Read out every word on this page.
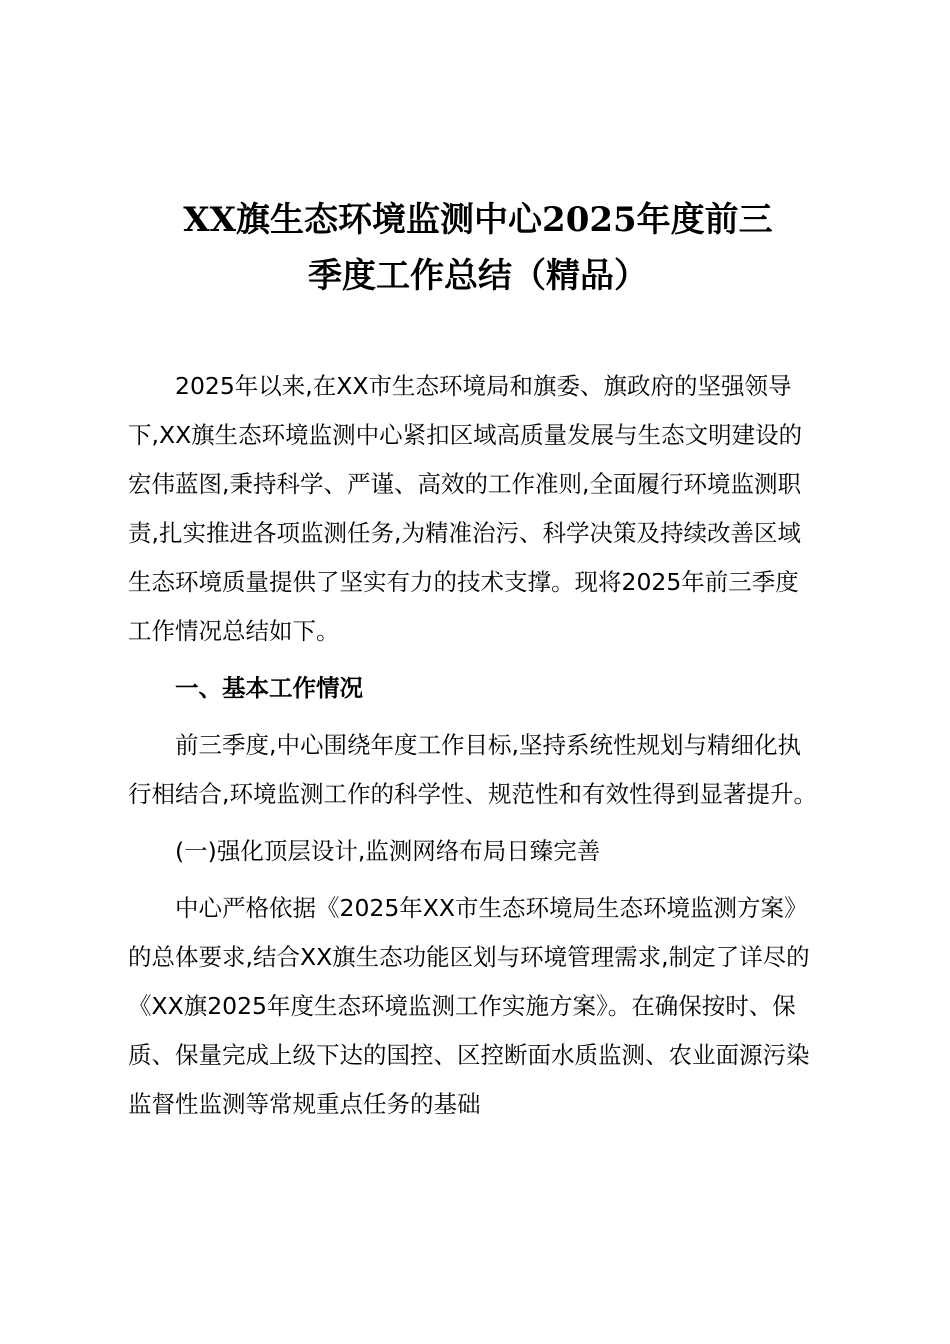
XX旗生态环境监测中心2025年度前三
季度工作总结（精品）

2025年以来,在XX市生态环境局和旗委、旗政府的坚强领导下,XX旗生态环境监测中心紧扣区域高质量发展与生态文明建设的宏伟蓝图,秉持科学、严谨、高效的工作准则,全面履行环境监测职责,扎实推进各项监测任务,为精准治污、科学决策及持续改善区域生态环境质量提供了坚实有力的技术支撑。现将2025年前三季度工作情况总结如下。

一、基本工作情况

前三季度,中心围绕年度工作目标,坚持系统性规划与精细化执行相结合,环境监测工作的科学性、规范性和有效性得到显著提升。

(一)强化顶层设计,监测网络布局日臻完善

中心严格依据《2025年XX市生态环境局生态环境监测方案》的总体要求,结合XX旗生态功能区划与环境管理需求,制定了详尽的《XX旗2025年度生态环境监测工作实施方案》。在确保按时、保质、保量完成上级下达的国控、区控断面水质监测、农业面源污染监督性监测等常规重点任务的基础
